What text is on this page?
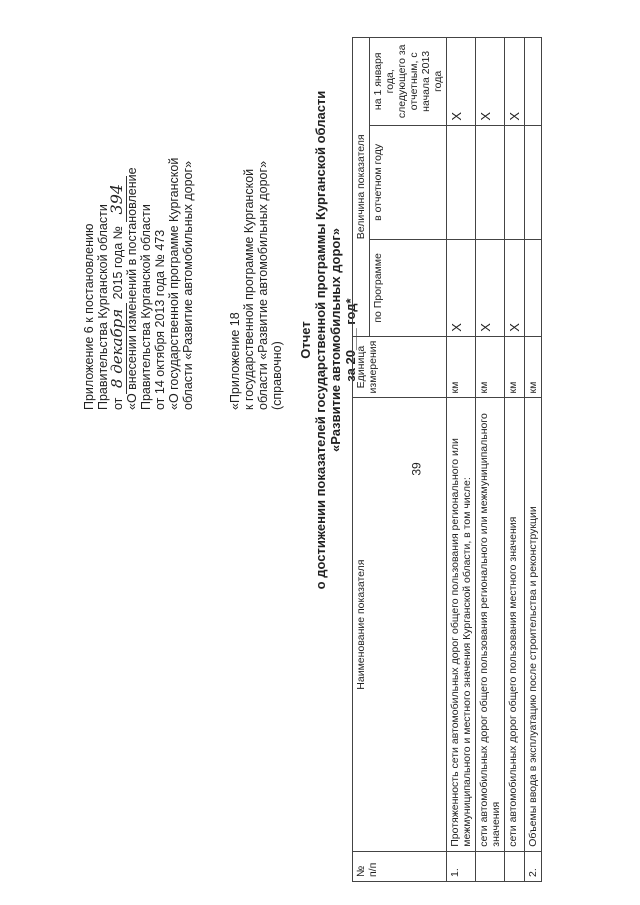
39
Приложение 6 к постановлению Правительства Курганской области от 8 декабря 2015 года № 394 «О внесении изменений в постановление Правительства Курганской области от 14 октября 2013 года № 473 «О государственной программе Курганской области «Развитие автомобильных дорог»	«Приложение 18 к государственной программе Курганской области «Развитие автомобильных дорог» (справочно)
Отчет о достижении показателей государственной программы Курганской области «Развитие автомобильных дорог» за 20___ год*
№ п/п	Наименование показателя	Единица измерения	Величина показателя		
			по Программе	в отчетном году	на 1 января года, следующего за отчетным, с начала 2013 года
1.	Протяженность сети автомобильных дорог общего пользования регионального или межмуниципального и местного значения Курганской области, в том числе:	км	Х		Х
	сети автомобильных дорог общего пользования регионального или межмуниципального значения	км	Х		Х
	сети автомобильных дорог общего пользования местного значения	км	Х		Х
2.	Объемы ввода в эксплуатацию после строительства и реконструкции	км			
